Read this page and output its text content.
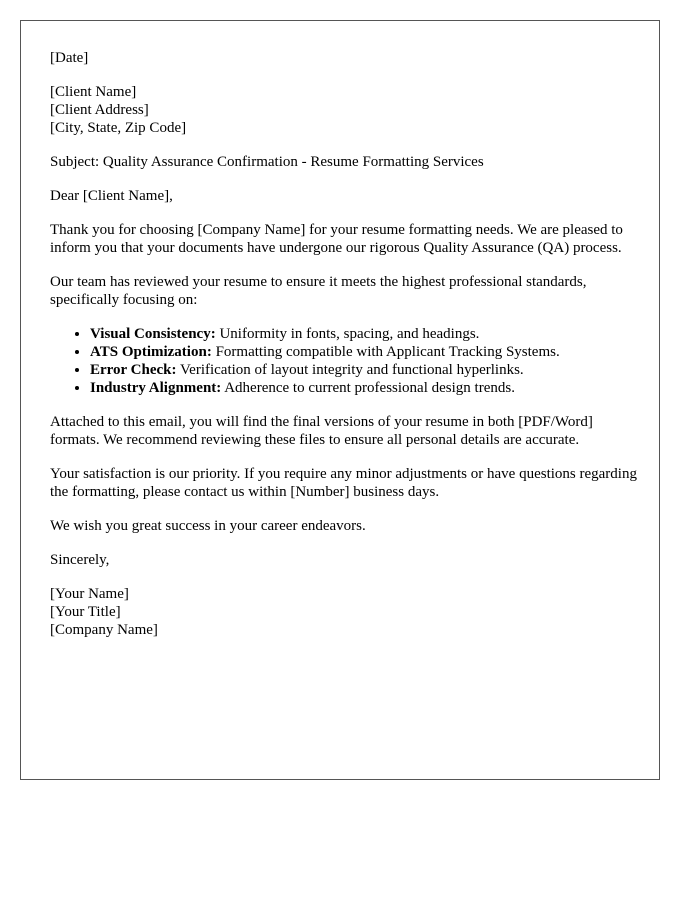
[Date]

[Client Name]
[Client Address]
[City, State, Zip Code]

Subject: Quality Assurance Confirmation - Resume Formatting Services

Dear [Client Name],

Thank you for choosing [Company Name] for your resume formatting needs. We are pleased to inform you that your documents have undergone our rigorous Quality Assurance (QA) process.

Our team has reviewed your resume to ensure it meets the highest professional standards, specifically focusing on:

• Visual Consistency: Uniformity in fonts, spacing, and headings.
• ATS Optimization: Formatting compatible with Applicant Tracking Systems.
• Error Check: Verification of layout integrity and functional hyperlinks.
• Industry Alignment: Adherence to current professional design trends.

Attached to this email, you will find the final versions of your resume in both [PDF/Word] formats. We recommend reviewing these files to ensure all personal details are accurate.

Your satisfaction is our priority. If you require any minor adjustments or have questions regarding the formatting, please contact us within [Number] business days.

We wish you great success in your career endeavors.

Sincerely,

[Your Name]
[Your Title]
[Company Name]
